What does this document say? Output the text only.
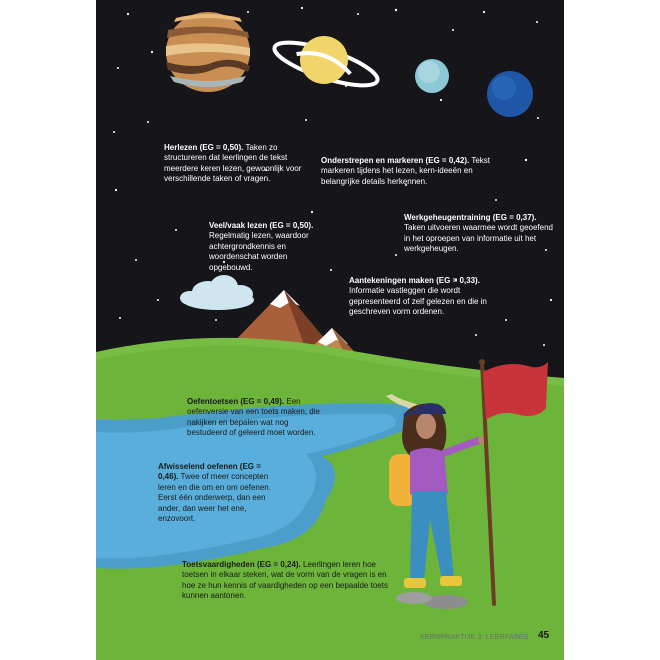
Herlezen (EG = 0,50). Taken zo structureren dat leerlingen de tekst meerdere keren lezen, gewoonlijk voor verschillende taken of vragen.

Onderstrepen en markeren (EG = 0,42). Tekst markeren tijdens het lezen, kern-ideeën en belangrijke details herkennen.

Veel/vaak lezen (EG = 0,50). Regelmatig lezen, waardoor achtergrondkennis en woordenschat worden opgebouwd.

Werkgeheugentraining (EG = 0,37). Taken uitvoeren waarmee wordt geoefend in het oproepen van informatie uit het werkgeheugen.

Aantekeningen maken (EG = 0,33). Informatie vastleggen die wordt gepresenteerd of zelf gelezen en die in geschreven vorm ordenen.

Oefentoetsen (EG = 0,49). Een oefenversie van een toets maken, die nakijken en bepalen wat nog bestudeerd of geleerd moet worden.

Afwisselend oefenen (EG = 0,46). Twee of meer concepten leren en die om en om oefenen. Eerst één onderwerp, dan een ander, dan weer het ene, enzovoort.

Toetsvaardigheden (EG = 0,24). Leerlingen leren hoe toetsen in elkaar steken, wat de vorm van de vragen is en hoe ze hun kennis of vaardigheden op een bepaalde toets kunnen aantonen.

KERNPRAKTIJK 3: LEERFASES 45
